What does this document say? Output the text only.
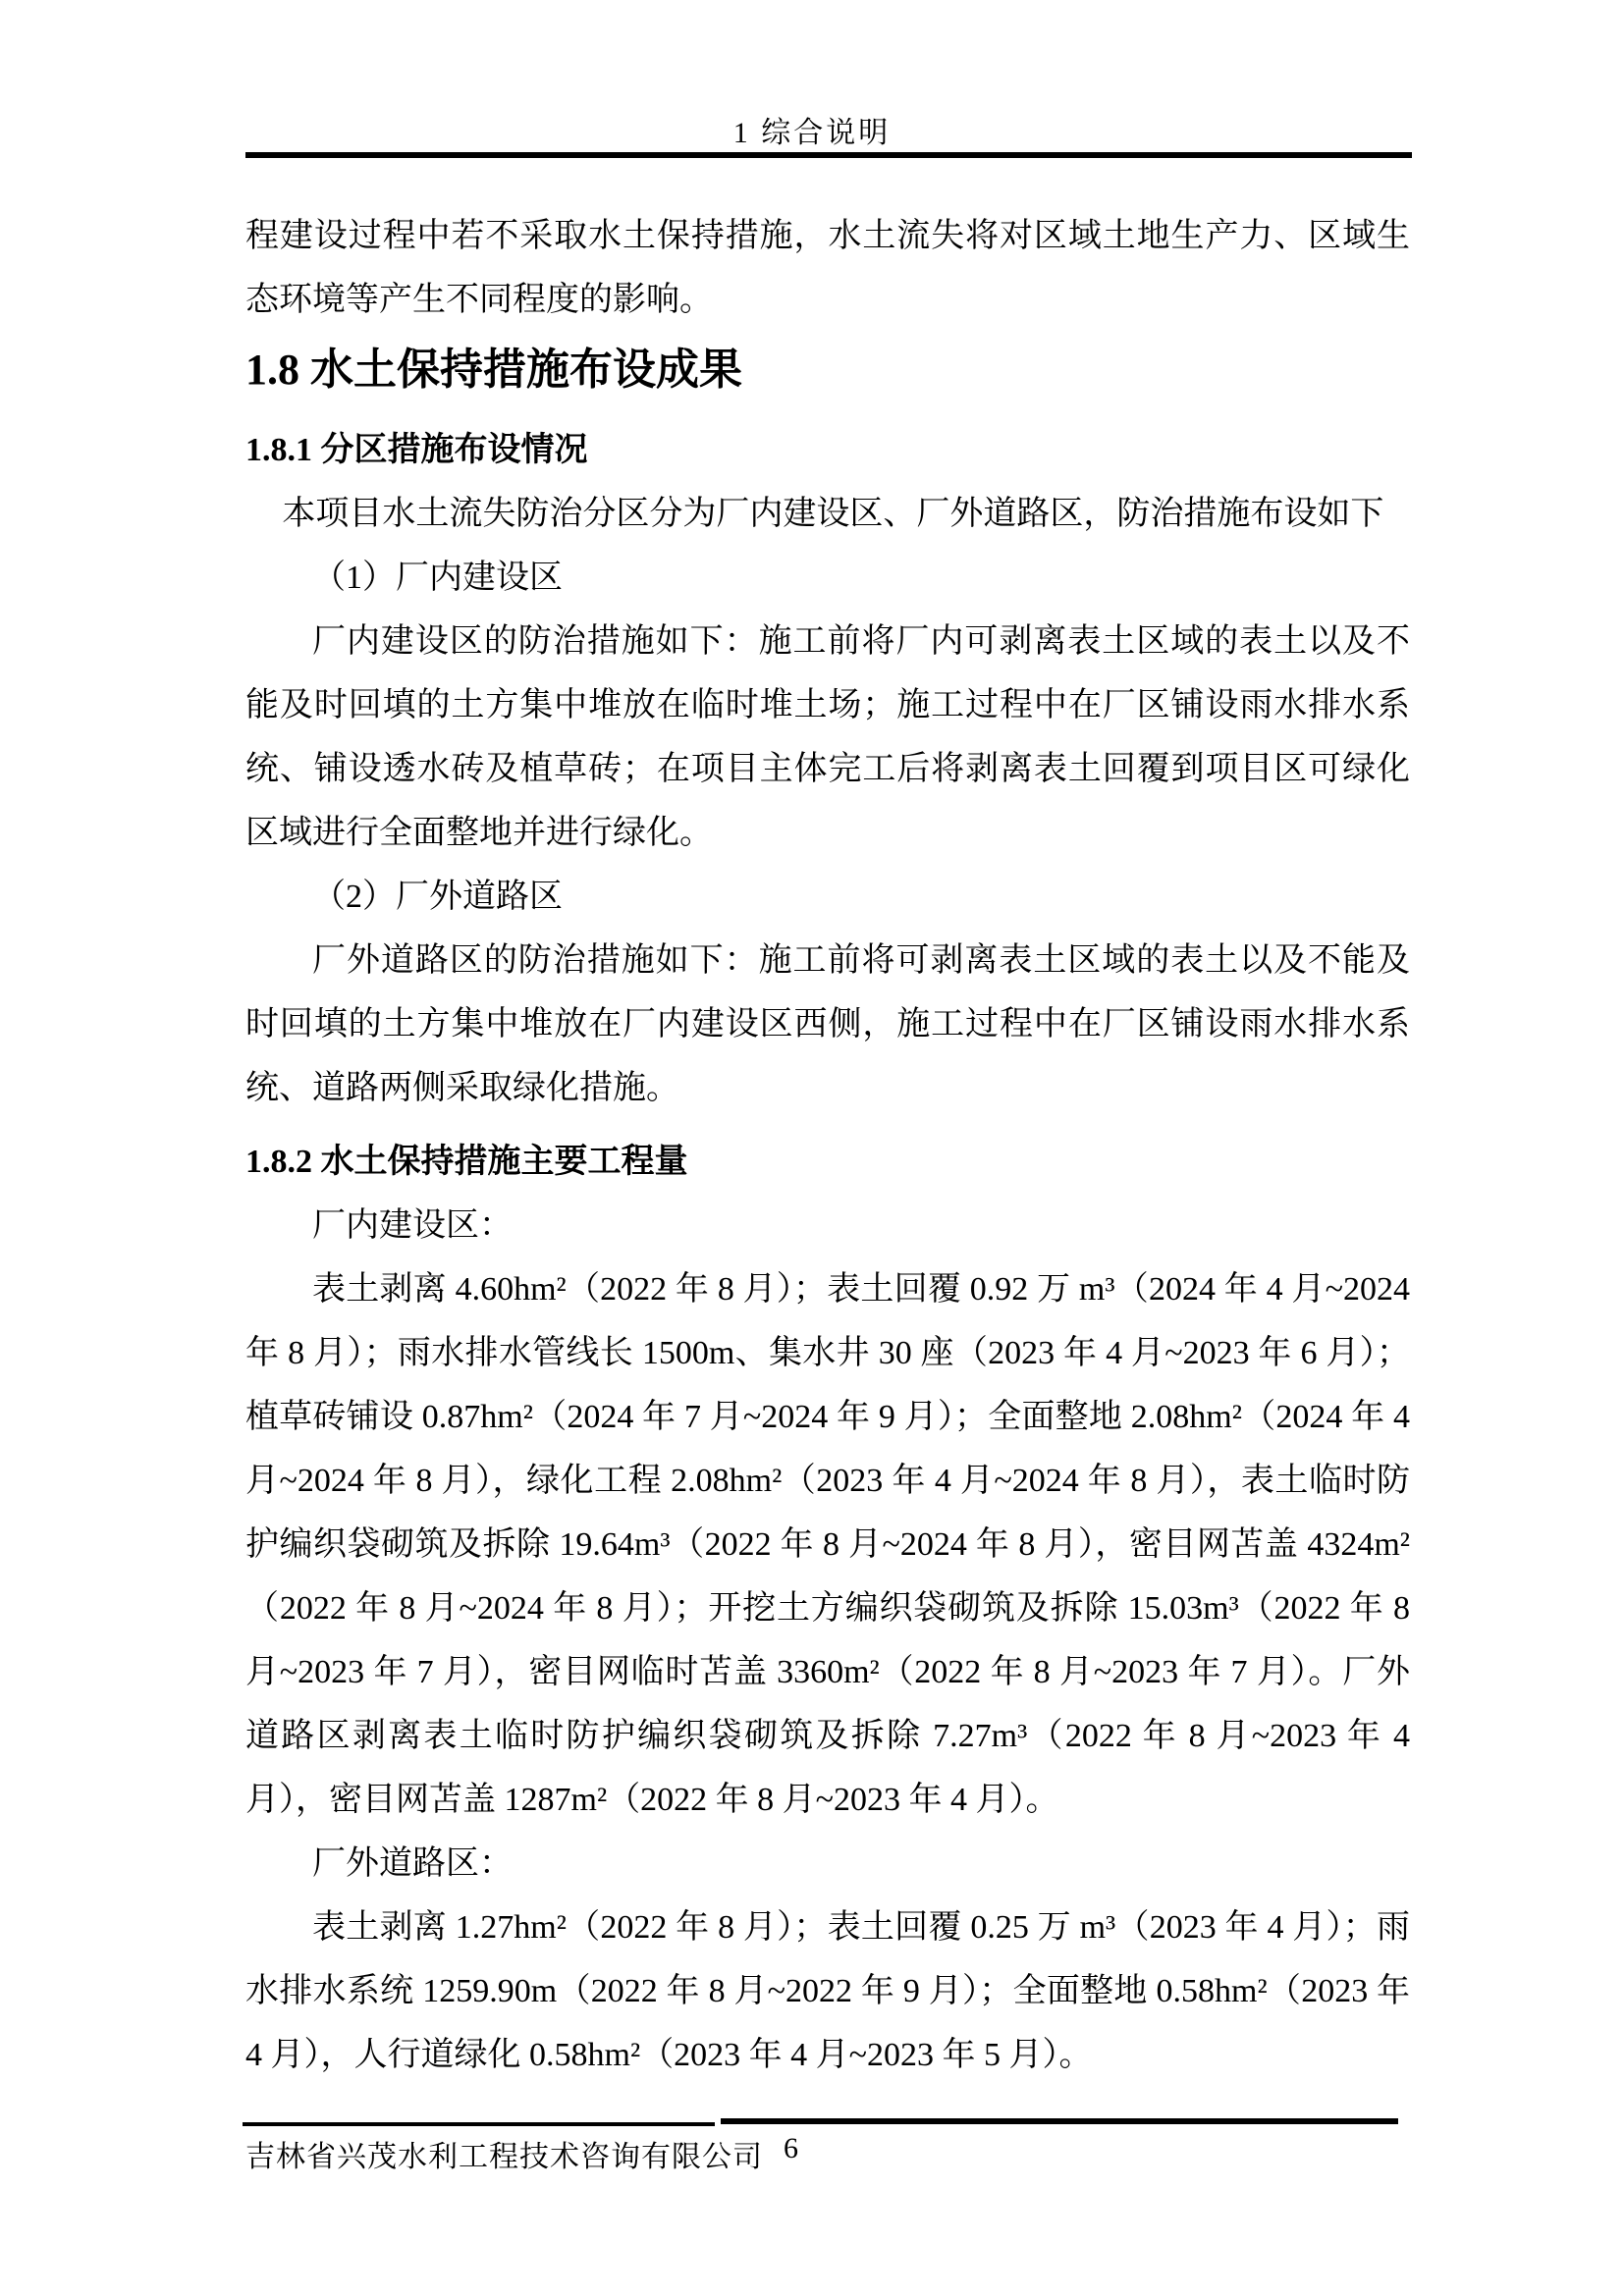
1 综合说明

程建设过程中若不采取水土保持措施，水土流失将对区域土地生产力、区域生态环境等产生不同程度的影响。

1.8 水土保持措施布设成果
1.8.1 分区措施布设情况

本项目水土流失防治分区分为厂内建设区、厂外道路区，防治措施布设如下

（1）厂内建设区

厂内建设区的防治措施如下：施工前将厂内可剥离表土区域的表土以及不能及时回填的土方集中堆放在临时堆土场；施工过程中在厂区铺设雨水排水系统、铺设透水砖及植草砖；在项目主体完工后将剥离表土回覆到项目区可绿化区域进行全面整地并进行绿化。

（2）厂外道路区

厂外道路区的防治措施如下：施工前将可剥离表土区域的表土以及不能及时回填的土方集中堆放在厂内建设区西侧，施工过程中在厂区铺设雨水排水系统、道路两侧采取绿化措施。

1.8.2 水土保持措施主要工程量

厂内建设区：

表土剥离 4.60hm²（2022 年 8 月）；表土回覆 0.92 万 m³（2024 年 4 月~2024 年 8 月）；雨水排水管线长 1500m、集水井 30 座（2023 年 4 月~2023 年 6 月）；植草砖铺设 0.87hm²（2024 年 7 月~2024 年 9 月）；全面整地 2.08hm²（2024 年 4 月~2024 年 8 月），绿化工程 2.08hm²（2023 年 4 月~2024 年 8 月），表土临时防护编织袋砌筑及拆除 19.64m³（2022 年 8 月~2024 年 8 月），密目网苫盖 4324m²（2022 年 8 月~2024 年 8 月）；开挖土方编织袋砌筑及拆除 15.03m³（2022 年 8 月~2023 年 7 月），密目网临时苫盖 3360m²（2022 年 8 月~2023 年 7 月）。厂外道路区剥离表土临时防护编织袋砌筑及拆除 7.27m³（2022 年 8 月~2023 年 4 月），密目网苫盖 1287m²（2022 年 8 月~2023 年 4 月）。

厂外道路区：

表土剥离 1.27hm²（2022 年 8 月）；表土回覆 0.25 万 m³（2023 年 4 月）；雨水排水系统 1259.90m（2022 年 8 月~2022 年 9 月）；全面整地 0.58hm²（2023 年 4 月），人行道绿化 0.58hm²（2023 年 4 月~2023 年 5 月）。

吉林省兴茂水利工程技术咨询有限公司 6
